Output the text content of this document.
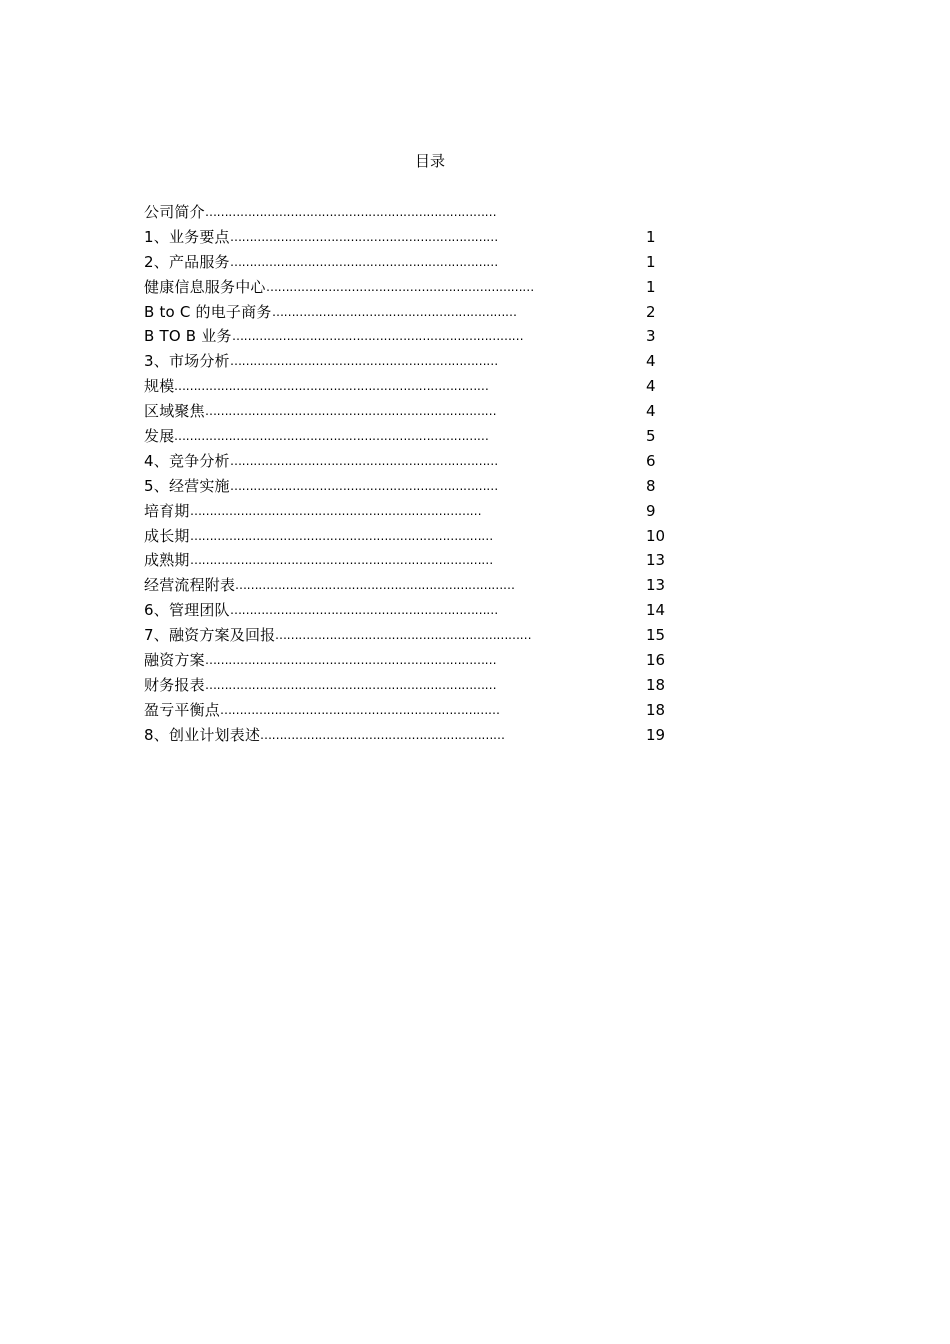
目录
公司简介 …………………………………………………………………
1、业务要点 ……………………………………………………………	1
2、产品服务 ……………………………………………………………	1
健康信息服务中心 ……………………………………………………………	1
B to C 的电子商务 ………………………………………………………	2
B TO B 业务 …………………………………………………………………	3
3、市场分析 ……………………………………………………………	4
规模 ………………………………………………………………………	4
区域聚焦 …………………………………………………………………	4
发展 ………………………………………………………………………	5
4、竞争分析 ……………………………………………………………	6
5、经营实施 ……………………………………………………………	8
培育期 …………………………………………………………………	9
成长期 ……………………………………………………………………	10
成熟期 ……………………………………………………………………	13
经营流程附表 ………………………………………………………………	13
6、管理团队 ……………………………………………………………	14
7、融资方案及回报 …………………………………………………………	15
融资方案 …………………………………………………………………	16
财务报表 …………………………………………………………………	18
盈亏平衡点 ………………………………………………………………	18
8、创业计划表述 ………………………………………………………	19
